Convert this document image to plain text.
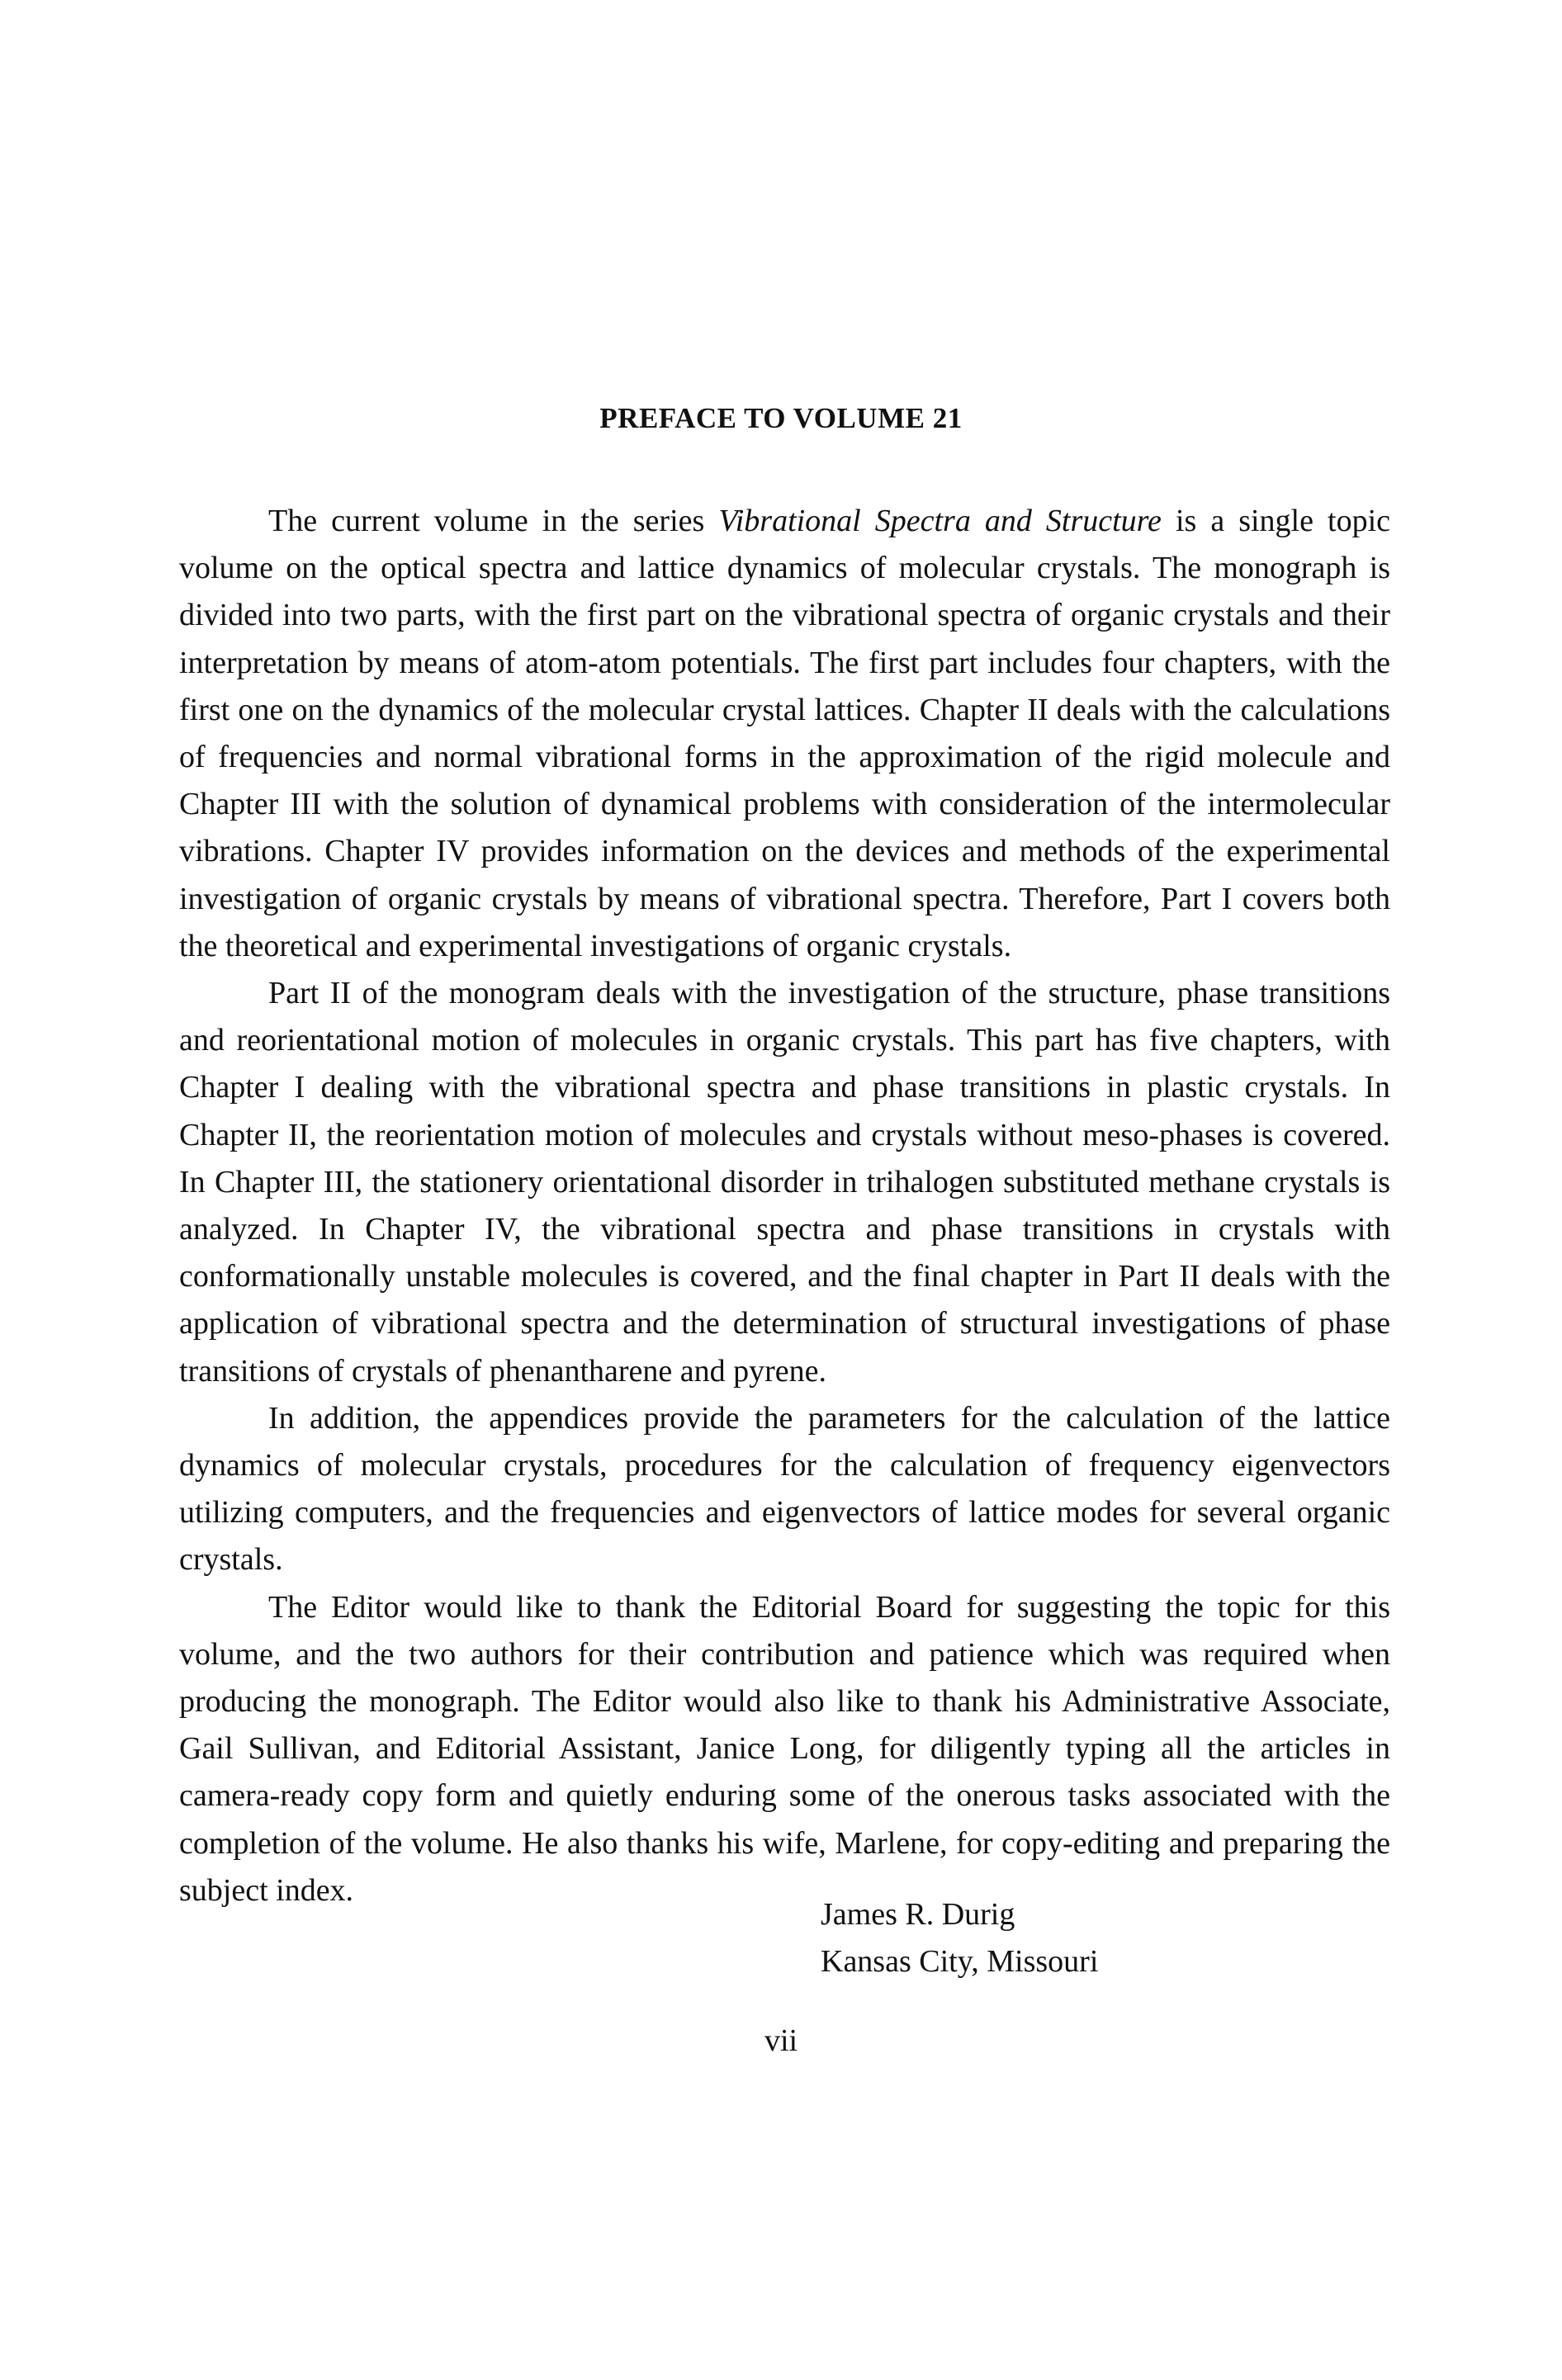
PREFACE TO VOLUME 21

The current volume in the series Vibrational Spectra and Structure is a single topic volume on the optical spectra and lattice dynamics of molecular crystals. The monograph is divided into two parts, with the first part on the vibrational spectra of organic crystals and their interpretation by means of atom-atom potentials. The first part includes four chapters, with the first one on the dynamics of the molecular crystal lattices. Chapter II deals with the calculations of frequencies and normal vibrational forms in the approximation of the rigid molecule and Chapter III with the solution of dynamical problems with consideration of the intermolecular vibrations. Chapter IV provides information on the devices and methods of the experimental investigation of organic crystals by means of vibrational spectra. Therefore, Part I covers both the theoretical and experimental investigations of organic crystals.

Part II of the monogram deals with the investigation of the structure, phase transitions and reorientational motion of molecules in organic crystals. This part has five chapters, with Chapter I dealing with the vibrational spectra and phase transitions in plastic crystals. In Chapter II, the reorientation motion of molecules and crystals without meso-phases is covered. In Chapter III, the stationery orientational disorder in trihalogen substituted methane crystals is analyzed. In Chapter IV, the vibrational spectra and phase transitions in crystals with conformationally unstable molecules is covered, and the final chapter in Part II deals with the application of vibrational spectra and the determination of structural investigations of phase transitions of crystals of phenantharene and pyrene.

In addition, the appendices provide the parameters for the calculation of the lattice dynamics of molecular crystals, procedures for the calculation of frequency eigenvectors utilizing computers, and the frequencies and eigenvectors of lattice modes for several organic crystals.

The Editor would like to thank the Editorial Board for suggesting the topic for this volume, and the two authors for their contribution and patience which was required when producing the monograph. The Editor would also like to thank his Administrative Associate, Gail Sullivan, and Editorial Assistant, Janice Long, for diligently typing all the articles in camera-ready copy form and quietly enduring some of the onerous tasks associated with the completion of the volume. He also thanks his wife, Marlene, for copy-editing and preparing the subject index.

James R. Durig
Kansas City, Missouri
vii
